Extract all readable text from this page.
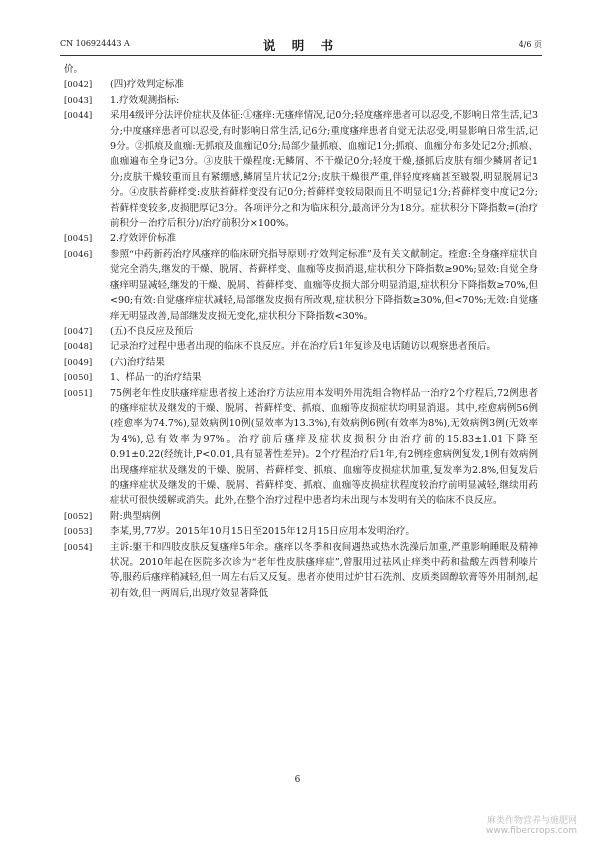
CN 106924443 A	说 明 书	4/6 页
价。
[0042]	(四)疗效判定标准
[0043]	1.疗效观测指标:
[0044]	采用4级评分法评价症状及体征:①瘙痒:无瘙痒情况,记0分;轻度瘙痒患者可以忍受,不影响日常生活,记3分;中度瘙痒患者可以忍受,有时影响日常生活,记6分;重度瘙痒患者自觉无法忍受,明显影响日常生活,记9分。②抓痕及血痂:无抓痕及血痂记0分;局部少量抓痕、血痂记1分;抓痕、血痂分布多处记2分;抓痕、血痂遍布全身记3分。③皮肤干燥程度:无鳞屑、不干燥记0分;轻度干燥,搔抓后皮肤有细少鳞屑者记1分;皮肤干燥较重而且有紧绷感,鳞屑呈片状记2分;皮肤干燥很严重,伴轻度疼痛甚至皲裂,明显脱屑记3分。④皮肤苔藓样变:皮肤苔藓样变没有记0分;苔藓样变较局限而且不明显记1分;苔藓样变中度记2分;苔藓样变较多,皮损肥厚记3分。各项评分之和为临床积分,最高评分为18分。症状积分下降指数=(治疗前积分－治疗后积分)/治疗前积分×100%。
[0045]	2.疗效评价标准
[0046]	参照“中药新药治疗风瘙痒的临床研究指导原则·疗效判定标准”及有关文献制定。痊愈:全身瘙痒症状自觉完全消失,继发的干燥、脱屑、苔藓样变、血痂等皮损消退,症状积分下降指数≥90%;显效:自觉全身瘙痒明显减轻,继发的干燥、脱屑、苔藓样变、血痂等皮损大部分明显消退,症状积分下降指数≥70%,但<90;有效:自觉瘙痒症状减轻,局部继发皮损有所改观,症状积分下降指数≥30%,但<70%;无效:自觉瘙痒无明显改善,局部继发皮损无变化,症状积分下降指数<30%。
[0047]	(五)不良反应及预后
[0048]	记录治疗过程中患者出现的临床不良反应。并在治疗后1年复诊及电话随访以观察患者预后。
[0049]	(六)治疗结果
[0050]	1、样品一的治疗结果
[0051]	75例老年性皮肤瘙痒症患者按上述治疗方法应用本发明外用洗组合物样品一治疗2个疗程后,72例患者的瘙痒症状及继发的干燥、脱屑、苔藓样变、抓痕、血痂等皮损症状均明显消退。其中,痊愈病例56例(痊愈率为74.7%),显效病例10例(显效率为13.3%),有效病例6例(有效率为8%),无效病例3例(无效率为4%),总有效率为97%。治疗前后瘙痒及症状皮损积分由治疗前的15.83±1.01下降至0.91±0.22(经统计,P<0.01,具有显著性差异)。2个疗程治疗后1年,有2例痊愈病例复发,1例有效病例出现瘙痒症状及继发的干燥、脱屑、苔藓样变、抓痕、血痂等皮损症状加重,复发率为2.8%,但复发后的瘙痒症状及继发的干燥、脱屑、苔藓样变、抓痕、血痂等皮损症状程度较治疗前明显减轻,继续用药症状可很快缓解或消失。此外,在整个治疗过程中患者均未出现与本发明有关的临床不良反应。
[0052]	附:典型病例
[0053]	李某,男,77岁。2015年10月15日至2015年12月15日应用本发明治疗。
[0054]	主诉:躯干和四肢皮肤反复瘙痒5年余。瘙痒以冬季和夜间遇热或热水洗澡后加重,严重影响睡眠及精神状况。2010年起在医院多次诊为“老年性皮肤瘙痒症”,曾服用过祛风止痒类中药和盐酸左西替利嗪片等,服药后瘙痒稍减轻,但一周左右后又反复。患者亦使用过炉甘石洗剂、皮质类固醇软膏等外用制剂,起初有效,但一两周后,出现疗效显著降低
6
麻类作物营养与施肥网
www.fibercrops.com
